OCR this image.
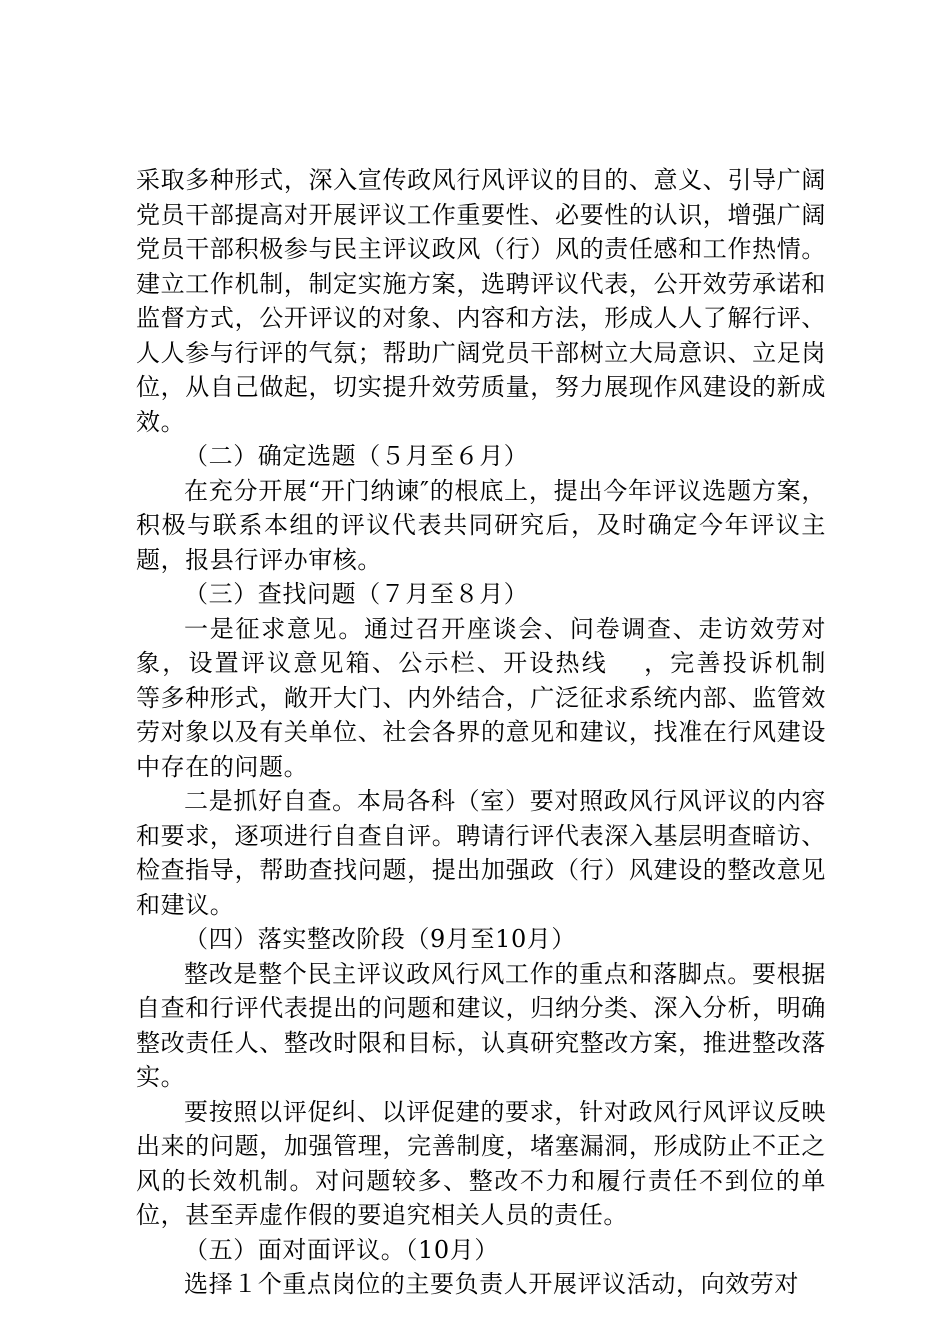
采取多种形式，深入宣传政风行风评议的目的、意义、引导广阔党员干部提高对开展评议工作重要性、必要性的认识，增强广阔党员干部积极参与民主评议政风（行）风的责任感和工作热情。建立工作机制，制定实施方案，选聘评议代表，公开效劳承诺和监督方式，公开评议的对象、内容和方法，形成人人了解行评、人人参与行评的气氛；帮助广阔党员干部树立大局意识、立足岗位，从自己做起，切实提升效劳质量，努力展现作风建设的新成效。

（二）确定选题（５月至６月）

在充分开展“开门纳谏″的根底上，提出今年评议选题方案，积极与联系本组的评议代表共同研究后，及时确定今年评议主题，报县行评办审核。

（三）查找问题（７月至８月）

一是征求意见。通过召开座谈会、问卷调查、走访效劳对象，设置评议意见箱、公示栏、开设热线　 ，完善投诉机制　等多种形式，敞开大门、内外结合，广泛征求系统内部、监管效劳对象以及有关单位、社会各界的意见和建议，找准在行风建设中存在的问题。

二是抓好自查。本局各科（室）要对照政风行风评议的内容和要求，逐项进行自查自评。聘请行评代表深入基层明查暗访、检查指导，帮助查找问题，提出加强政（行）风建设的整改意见和建议。

（四）落实整改阶段（9月至10月）

整改是整个民主评议政风行风工作的重点和落脚点。要根据自查和行评代表提出的问题和建议，归纳分类、深入分析，明确整改责任人、整改时限和目标，认真研究整改方案，推进整改落实。

要按照以评促纠、以评促建的要求，针对政风行风评议反映出来的问题，加强管理，完善制度，堵塞漏洞，形成防止不正之风的长效机制。对问题较多、整改不力和履行责任不到位的单位，甚至弄虚作假的要追究相关人员的责任。

（五）面对面评议。（10月）

选择１个重点岗位的主要负责人开展评议活动，向效劳对
